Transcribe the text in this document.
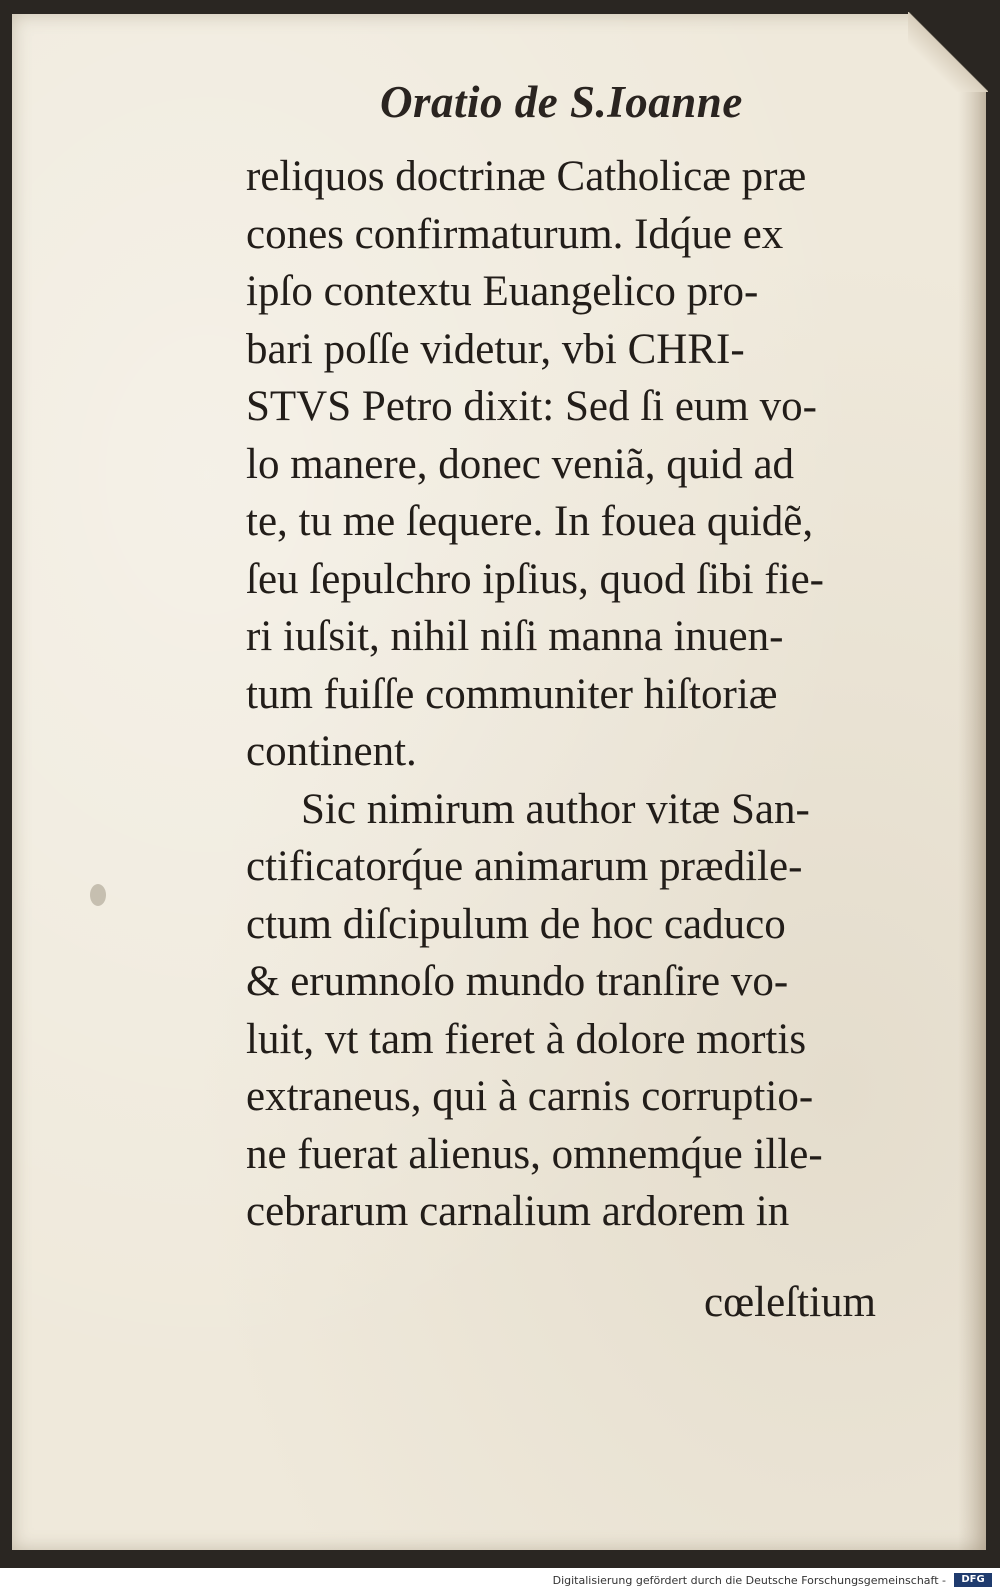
Oratio de S.Ioanne
reliquos doctrinæ Catholicæ præ
cones confirmaturum. Idq́ue ex
ipſo contextu Euangelico pro-
bari poſſe videtur, vbi CHRI-
STVS Petro dixit: Sed ſi eum vo-
lo manere, donec veniã, quid ad
te, tu me ſequere. In fouea quidẽ,
ſeu ſepulchro ipſius, quod ſibi fie-
ri iuſsit, nihil niſi manna inuen-
tum fuiſſe communiter hiſtoriæ
continent.
Sic nimirum author vitæ San-
ctificatorq́ue animarum prædile-
ctum diſcipulum de hoc caduco
& erumnoſo mundo tranſire vo-
luit, vt tam fieret à dolore mortis
extraneus, qui à carnis corruptio-
ne fuerat alienus, omnemq́ue ille-
cebrarum carnalium ardorem in

cœleſtium

Digitalisierung gefördert durch die Deutsche Forschungsgemeinschaft -	DFG
